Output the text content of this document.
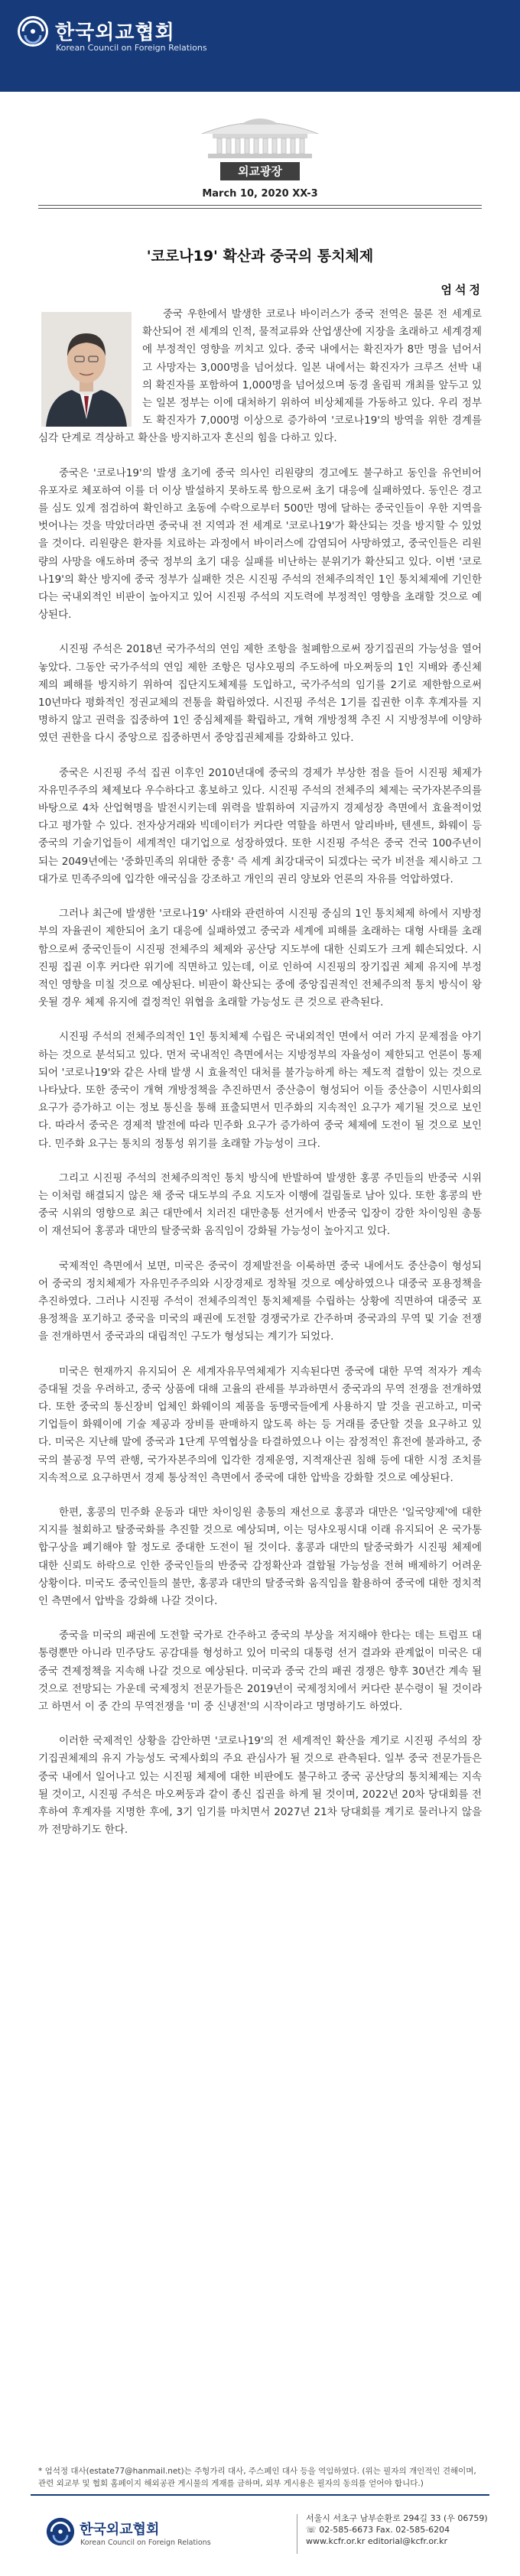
한국외교협회
Korean Council on Foreign Relations
외교광장
March 10, 2020 XX-3
'코로나19' 확산과 중국의 통치체제
엄석정

중국 우한에서 발생한 코로나 바이러스가 중국 전역은 물론 전 세계로 확산되어 전 세계의 인적, 물적교류와 산업생산에 지장을 초래하고 세계경제에 부정적인 영향을 끼치고 있다. 중국 내에서는 확진자가 8만 명을 넘어서고 사망자는 3,000명을 넘어섰다. 일본 내에서는 확진자가 크루즈 선박 내의 확진자를 포함하여 1,000명을 넘어섰으며 동경 올림픽 개최를 앞두고 있는 일본 정부는 이에 대처하기 위하여 비상체제를 가동하고 있다. 우리 정부도 확진자가 7,000명 이상으로 증가하여 '코로나19'의 방역을 위한 경계를 심각 단계로 격상하고 확산을 방지하고자 혼신의 힘을 다하고 있다.

중국은 '코로나19'의 발생 초기에 중국 의사인 리원량의 경고에도 불구하고 동인을 유언비어 유포자로 체포하여 이를 더 이상 발설하지 못하도록 함으로써 초기 대응에 실패하였다. 동인은 경고를 심도 있게 점검하여 확인하고 초동에 수락으로부터 500만 명에 달하는 중국인들이 우한 지역을 벗어나는 것을 막았더라면 중국내 전 지역과 전 세계로 '코로나19'가 확산되는 것을 방지할 수 있었을 것이다. 리원량은 환자를 치료하는 과정에서 바이러스에 감염되어 사망하였고, 중국인들은 리원량의 사망을 애도하며 중국 정부의 초기 대응 실패를 비난하는 분위기가 확산되고 있다. 이번 '코로나19'의 확산 방지에 중국 정부가 실패한 것은 시진핑 주석의 전체주의적인 1인 통치체제에 기인한다는 국내외적인 비판이 높아지고 있어 시진핑 주석의 지도력에 부정적인 영향을 초래할 것으로 예상된다.

시진핑 주석은 2018년 국가주석의 연임 제한 조항을 철폐함으로써 장기집권의 가능성을 열어 놓았다. 그동안 국가주석의 연임 제한 조항은 덩샤오핑의 주도하에 마오쩌둥의 1인 지배와 종신체제의 폐해를 방지하기 위하여 집단지도체제를 도입하고, 국가주석의 임기를 2기로 제한함으로써 10년마다 평화적인 정권교체의 전통을 확립하였다. 시진핑 주석은 1기를 집권한 이후 후계자를 지명하지 않고 권력을 집중하여 1인 중심체제를 확립하고, 개혁 개방정책 추진 시 지방정부에 이양하였던 권한을 다시 중앙으로 집중하면서 중앙집권체제를 강화하고 있다.

중국은 시진핑 주석 집권 이후인 2010년대에 중국의 경제가 부상한 점을 들어 시진핑 체제가 자유민주주의 체제보다 우수하다고 홍보하고 있다. 시진핑 주석의 전체주의 체제는 국가자본주의를 바탕으로 4차 산업혁명을 발전시키는데 위력을 발휘하여 지금까지 경제성장 측면에서 효율적이었다고 평가할 수 있다. 전자상거래와 빅데이터가 커다란 역할을 하면서 알리바바, 텐센트, 화웨이 등 중국의 기술기업들이 세계적인 대기업으로 성장하였다. 또한 시진핑 주석은 중국 건국 100주년이 되는 2049년에는 '중화민족의 위대한 중흥' 즉 세계 최강대국이 되겠다는 국가 비전을 제시하고 그 대가로 민족주의에 입각한 애국심을 강조하고 개인의 권리 양보와 언론의 자유를 억압하였다.

그러나 최근에 발생한 '코로나19' 사태와 관련하여 시진핑 중심의 1인 통치체제 하에서 지방정부의 자율권이 제한되어 초기 대응에 실패하였고 중국과 세계에 피해를 초래하는 대형 사태를 초래함으로써 중국인들이 시진핑 전체주의 체제와 공산당 지도부에 대한 신뢰도가 크게 훼손되었다. 시진핑 집권 이후 커다란 위기에 직면하고 있는데, 이로 인하여 시진핑의 장기집권 체제 유지에 부정적인 영향을 미칠 것으로 예상된다. 비판이 확산되는 중에 중앙집권적인 전체주의적 통치 방식이 왕웃될 경우 체제 유지에 결정적인 위협을 초래할 가능성도 큰 것으로 관측된다.

시진핑 주석의 전체주의적인 1인 통치체제 수립은 국내외적인 면에서 여러 가지 문제점을 야기하는 것으로 분석되고 있다. 먼저 국내적인 측면에서는 지방정부의 자율성이 제한되고 언론이 통제되어 '코로나19'와 같은 사태 발생 시 효율적인 대처를 불가능하게 하는 제도적 결함이 있는 것으로 나타났다. 또한 중국이 개혁 개방정책을 추진하면서 중산층이 형성되어 이들 중산층이 시민사회의 요구가 증가하고 이는 정보 통신을 통해 표출되면서 민주화의 지속적인 요구가 제기될 것으로 보인다. 따라서 중국은 경제적 발전에 따라 민주화 요구가 증가하여 중국 체제에 도전이 될 것으로 보인다. 민주화 요구는 통치의 정통성 위기를 초래할 가능성이 크다.

그리고 시진핑 주석의 전체주의적인 통치 방식에 반발하여 발생한 홍콩 주민들의 반중국 시위는 이처럼 해결되지 않은 채 중국 대도부의 주요 지도자 이행에 걸림돌로 남아 있다. 또한 홍콩의 반중국 시위의 영향으로 최근 대만에서 치러진 대만총통 선거에서 반중국 입장이 강한 차이잉원 총통이 재선되어 홍콩과 대만의 탈중국화 움직임이 강화될 가능성이 높아지고 있다.

국제적인 측면에서 보면, 미국은 중국이 경제발전을 이룩하면 중국 내에서도 중산층이 형성되어 중국의 정치체제가 자유민주주의와 시장경제로 정착될 것으로 예상하였으나 대중국 포용정책을 추진하였다. 그러나 시진핑 주석이 전체주의적인 통치체제를 수립하는 상황에 직면하여 대중국 포용정책을 포기하고 중국을 미국의 패권에 도전할 경쟁국가로 간주하며 중국과의 무역 및 기술 전쟁을 전개하면서 중국과의 대립적인 구도가 형성되는 계기가 되었다.

미국은 현재까지 유지되어 온 세계자유무역체제가 지속된다면 중국에 대한 무역 적자가 계속 증대될 것을 우려하고, 중국 상품에 대해 고율의 관세를 부과하면서 중국과의 무역 전쟁을 전개하였다. 또한 중국의 통신장비 업체인 화웨이의 제품을 동맹국들에게 사용하지 말 것을 권고하고, 미국 기업들이 화웨이에 기술 제공과 장비를 판매하지 않도록 하는 등 거래를 중단할 것을 요구하고 있다. 미국은 지난해 말에 중국과 1단계 무역협상을 타결하였으나 이는 잠정적인 휴전에 불과하고, 중국의 불공정 무역 관행, 국가자본주의에 입각한 경제운영, 지적재산권 침해 등에 대한 시정 조치를 지속적으로 요구하면서 경제 통상적인 측면에서 중국에 대한 압박을 강화할 것으로 예상된다.

한편, 홍콩의 민주화 운동과 대만 차이잉원 총통의 재선으로 홍콩과 대만은 '일국양제'에 대한 지지를 철회하고 탈중국화를 추진할 것으로 예상되며, 이는 덩샤오핑시대 이래 유지되어 온 국가통합구상을 폐기해야 할 정도로 중대한 도전이 될 것이다. 홍콩과 대만의 탈중국화가 시진핑 체제에 대한 신뢰도 하락으로 인한 중국인들의 반중국 감정확산과 결합될 가능성을 전혀 배제하기 어려운 상황이다. 미국도 중국인들의 불만, 홍콩과 대만의 탈중국화 움직임을 활용하여 중국에 대한 정치적인 측면에서 압박을 강화해 나갈 것이다.

중국을 미국의 패권에 도전할 국가로 간주하고 중국의 부상을 저지해야 한다는 데는 트럼프 대통령뿐만 아니라 민주당도 공감대를 형성하고 있어 미국의 대통령 선거 결과와 관계없이 미국은 대중국 견제정책을 지속해 나갈 것으로 예상된다. 미국과 중국 간의 패권 경쟁은 향후 30년간 계속 될 것으로 전망되는 가운데 국제정치 전문가들은 2019년이 국제정치에서 커다란 분수령이 될 것이라고 하면서 이 중 간의 무역전쟁을 '미 중 신냉전'의 시작이라고 명명하기도 하였다.

이러한 국제적인 상황을 감안하면 '코로나19'의 전 세계적인 확산을 계기로 시진핑 주석의 장기집권체제의 유지 가능성도 국제사회의 주요 관심사가 될 것으로 관측된다. 일부 중국 전문가들은 중국 내에서 일어나고 있는 시진핑 체제에 대한 비판에도 불구하고 중국 공산당의 통치체제는 지속될 것이고, 시진핑 주석은 마오쩌둥과 같이 종신 집권을 하게 될 것이며, 2022년 20차 당대회를 전후하여 후계자를 지명한 후에, 3기 임기를 마치면서 2027년 21차 당대회를 계기로 물러나지 않을까 전망하기도 한다.

* 엄석정 대사(estate77@hanmail.net)는 주헝가리 대사, 주스페인 대사 등을 역임하였다. (위는 필자의 개인적인 견해이며, 관련 외교부 및 협회 홈페이지 해외공관 게시물의 게재를 금하며, 외부 게시용은 필자의 동의를 얻어야 합니다.)
한국외교협회
Korean Council on Foreign Relations
서울시 서초구 남부순환로 294길 33 (우 06759)
☏ 02-585-6673 Fax. 02-585-6204
www.kcfr.or.kr editorial@kcfr.or.kr
